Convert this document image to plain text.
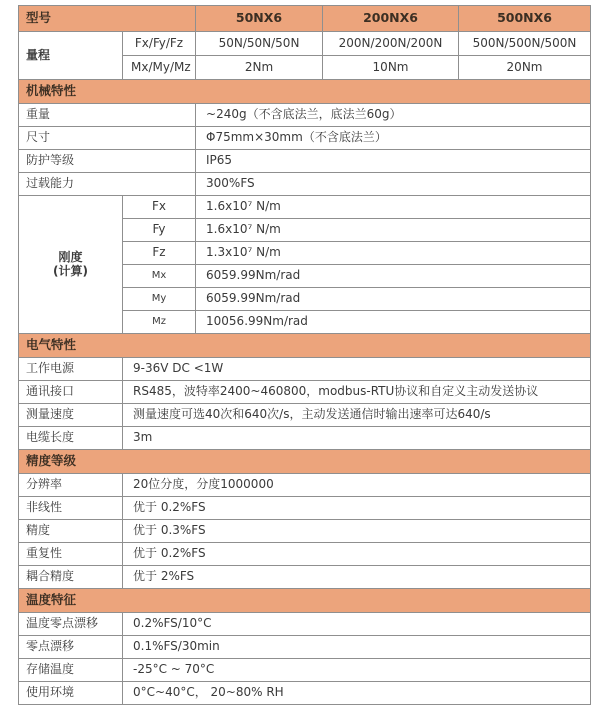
型号		50NX6	200NX6	500NX6
量程	Fx/Fy/Fz	50N/50N/50N	200N/200N/200N	500N/500N/500N
	Mx/My/Mz	2Nm	10Nm	20Nm
机械特性				
重量		~240g（不含底法兰，底法兰60g）		
尺寸		Φ75mm×30mm（不含底法兰）		
防护等级		IP65		
过载能力		300%FS		

刚度
(计算)	Fx	1.6x10⁷ N/m		
	Fy	1.6x10⁷ N/m		
	Fz	1.3x10⁷ N/m		
	Mx	6059.99Nm/rad		
	My	6059.99Nm/rad		
	Mz	10056.99Nm/rad		
电气特性				
工作电源	9-36V DC <1W			
通讯接口	RS485，波特率2400~460800，modbus-RTU协议和自定义主动发送协议			
测量速度	测量速度可选40次和640次/s，主动发送通信时输出速率可达640/s			
电缆长度	3m			
精度等级				
分辨率	20位分度，分度1000000			
非线性	优于 0.2%FS			
精度	优于 0.3%FS			
重复性	优于 0.2%FS			
耦合精度	优于 2%FS			
温度特征				
温度零点漂移	0.2%FS/10°C			
零点漂移	0.1%FS/30min			
存储温度	-25°C ~ 70°C			
使用环境	0°C~40°C， 20~80% RH			
